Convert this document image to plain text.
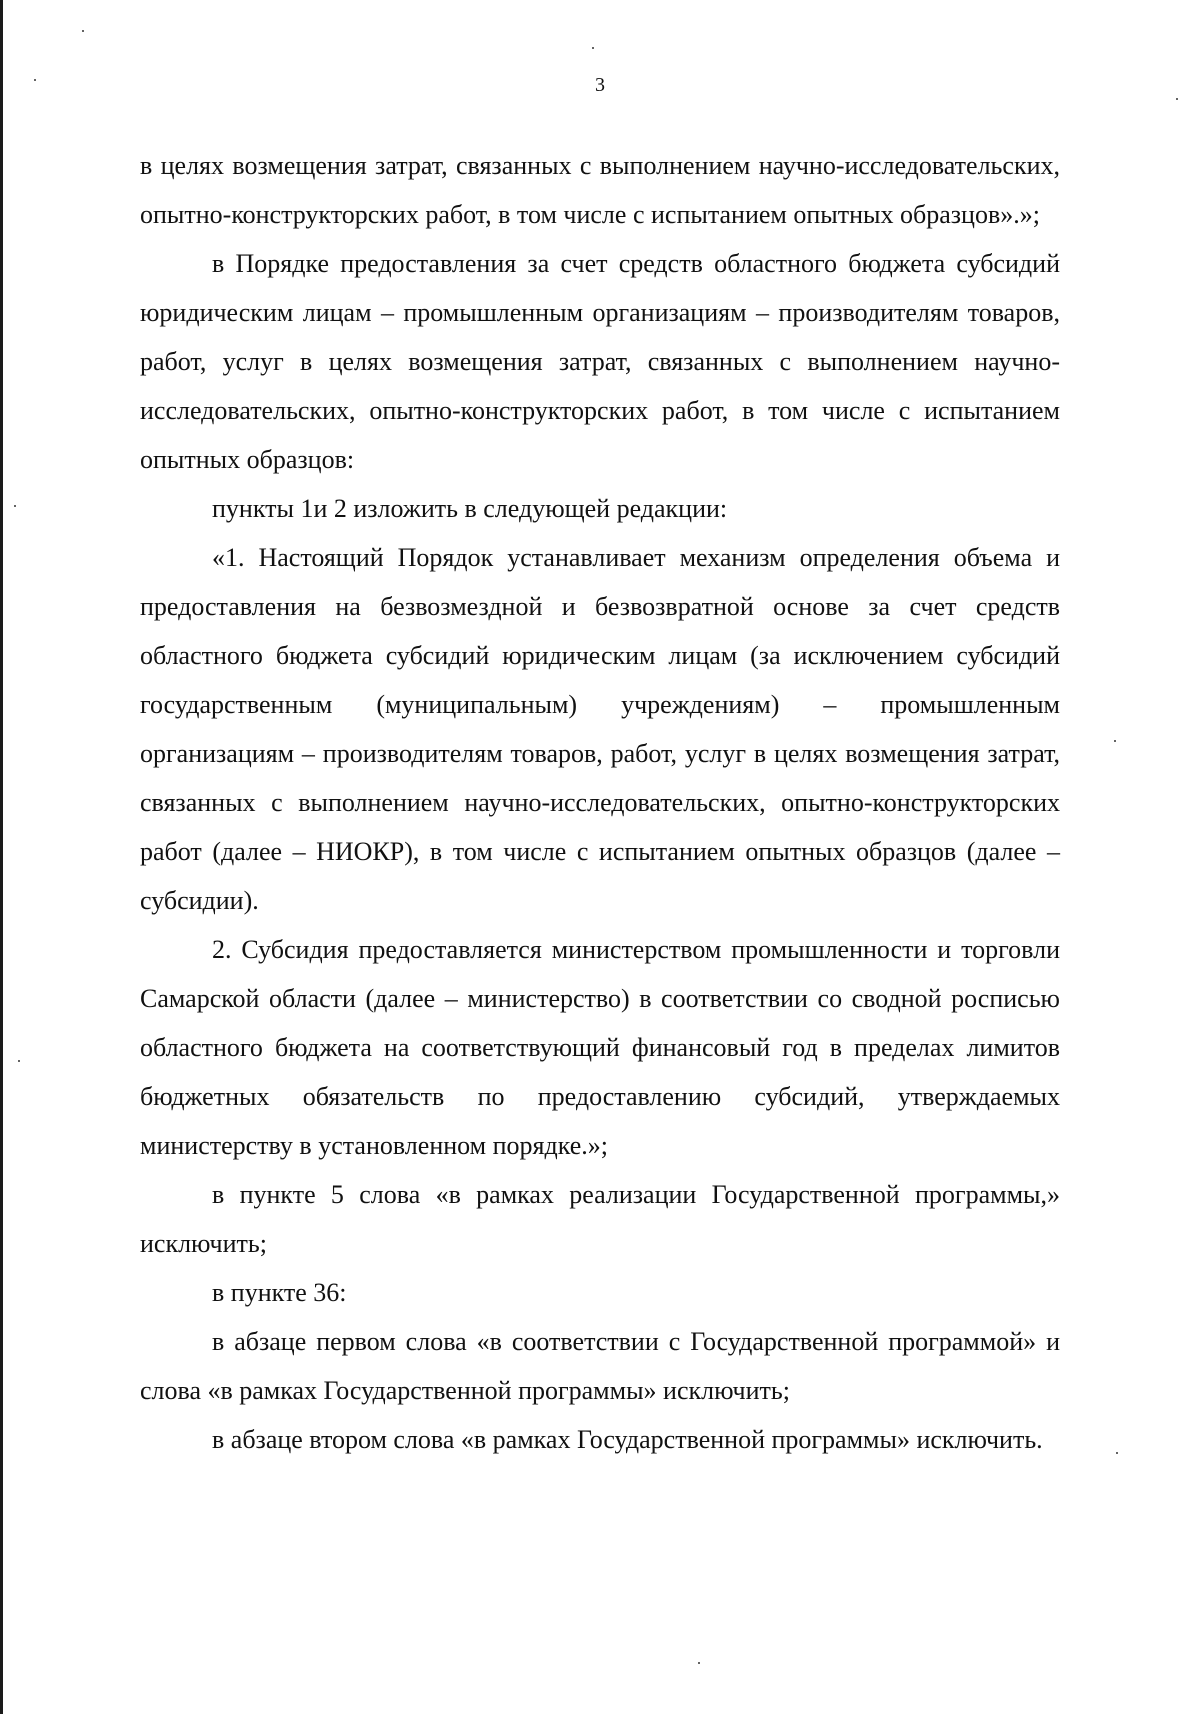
3

в целях возмещения затрат, связанных с выполнением научно-исследовательских, опытно-конструкторских работ, в том числе с испытанием опытных образцов».»;

в Порядке предоставления за счет средств областного бюджета субсидий юридическим лицам – промышленным организациям – производителям товаров, работ, услуг в целях возмещения затрат, связанных с выполнением научно-исследовательских, опытно-конструкторских работ, в том числе с испытанием опытных образцов:

пункты 1и 2 изложить в следующей редакции:

«1. Настоящий Порядок устанавливает механизм определения объема и предоставления на безвозмездной и безвозвратной основе за счет средств областного бюджета субсидий юридическим лицам (за исключением субсидий государственным (муниципальным) учреждениям) – промышленным организациям – производителям товаров, работ, услуг в целях возмещения затрат, связанных с выполнением научно-исследовательских, опытно-конструкторских работ (далее – НИОКР), в том числе с испытанием опытных образцов (далее – субсидии).

2. Субсидия предоставляется министерством промышленности и торговли Самарской области (далее – министерство) в соответствии со сводной росписью областного бюджета на соответствующий финансовый год в пределах лимитов бюджетных обязательств по предоставлению субсидий, утверждаемых министерству в установленном порядке.»;

в пункте 5 слова «в рамках реализации Государственной программы,» исключить;

в пункте 36:

в абзаце первом слова «в соответствии с Государственной программой» и слова «в рамках Государственной программы» исключить;

в абзаце втором слова «в рамках Государственной программы» исключить.
